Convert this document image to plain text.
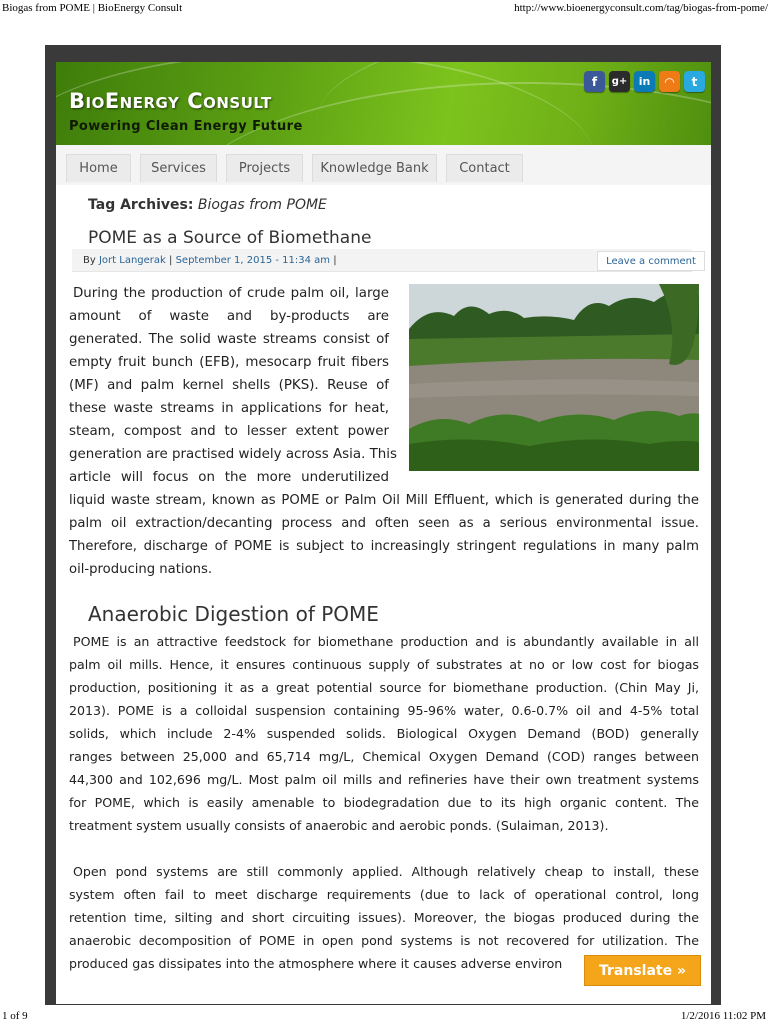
Biogas from POME | BioEnergy Consult	http://www.bioenergyconsult.com/tag/biogas-from-pome/
BioEnergy Consult
Powering Clean Energy Future
f g+ in ◠ t
Home	Services	Projects	Knowledge Bank	Contact
Tag Archives: Biogas from POME
POME as a Source of Biomethane
By Jort Langerak | September 1, 2015 - 11:34 am |	Leave a comment
During the production of crude palm oil, large
amount of waste and by-products are
generated. The solid waste streams consist of
empty fruit bunch (EFB), mesocarp fruit fibers
(MF) and palm kernel shells (PKS). Reuse of
these waste streams in applications for heat,
steam, compost and to lesser extent power
generation are practised widely across Asia. This
article will focus on the more underutilized
liquid waste stream, known as POME or Palm Oil Mill Effluent, which is generated during the
palm oil extraction/decanting process and often seen as a serious environmental issue.
Therefore, discharge of POME is subject to increasingly stringent regulations in many palm
oil-producing nations.
Anaerobic Digestion of POME
POME is an attractive feedstock for biomethane production and is abundantly available in all
palm oil mills. Hence, it ensures continuous supply of substrates at no or low cost for biogas
production, positioning it as a great potential source for biomethane production. (Chin May Ji,
2013). POME is a colloidal suspension containing 95-96% water, 0.6-0.7% oil and 4-5% total
solids, which include 2-4% suspended solids. Biological Oxygen Demand (BOD) generally
ranges between 25,000 and 65,714 mg/L, Chemical Oxygen Demand (COD) ranges between
44,300 and 102,696 mg/L. Most palm oil mills and refineries have their own treatment systems
for POME, which is easily amenable to biodegradation due to its high organic content. The
treatment system usually consists of anaerobic and aerobic ponds. (Sulaiman, 2013).
Open pond systems are still commonly applied. Although relatively cheap to install, these
system often fail to meet discharge requirements (due to lack of operational control, long
retention time, silting and short circuiting issues). Moreover, the biogas produced during the
anaerobic decomposition of POME in open pond systems is not recovered for utilization. The
produced gas dissipates into the atmosphere where it causes adverse environ	Translate »
1 of 9	1/2/2016 11:02 PM
